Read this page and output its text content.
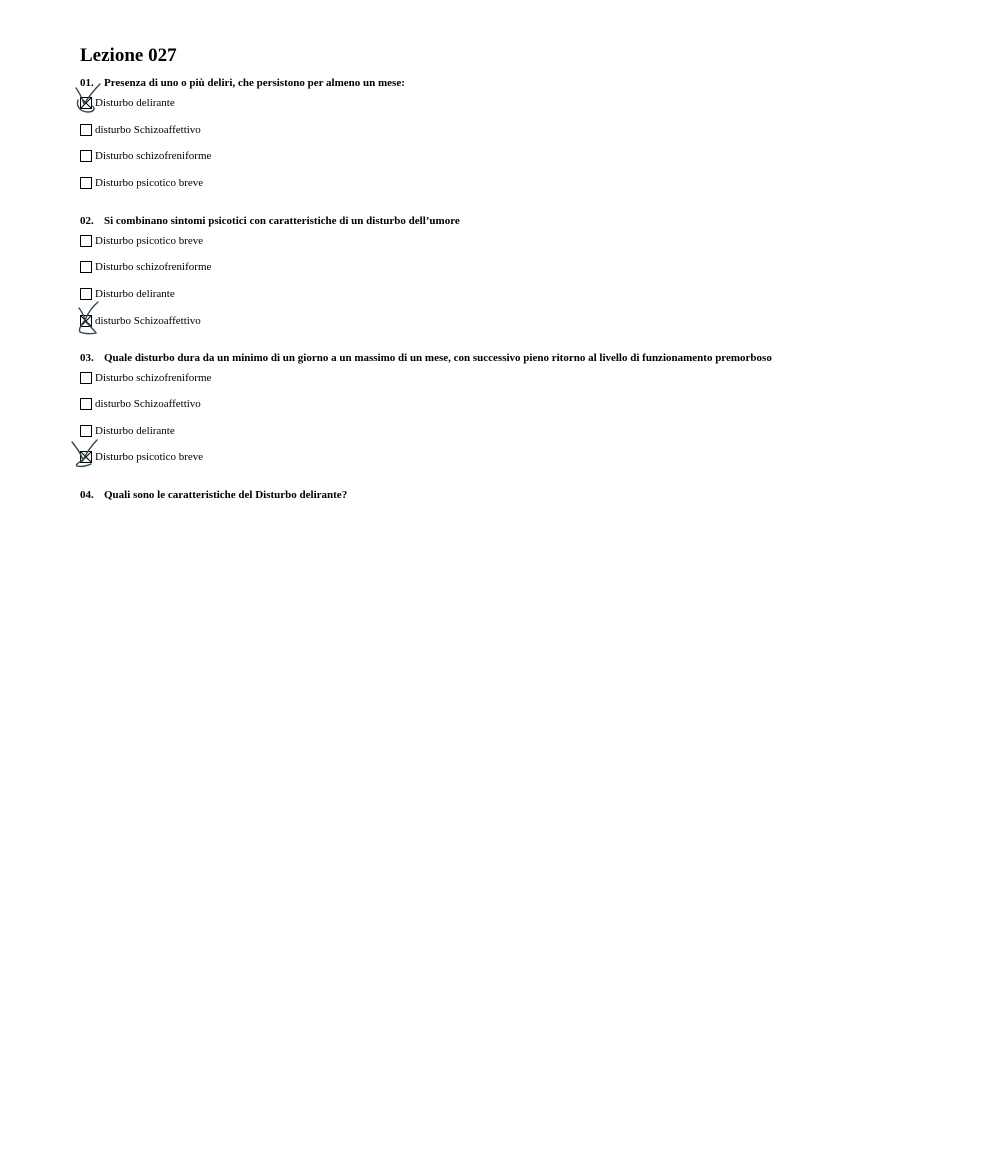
Lezione 027
01. Presenza di uno o più deliri, che persistono per almeno un mese:
Disturbo delirante
disturbo Schizoaffettivo
Disturbo schizofreniforme
Disturbo psicotico breve
02. Si combinano sintomi psicotici con caratteristiche di un disturbo dell’umore
Disturbo psicotico breve
Disturbo schizofreniforme
Disturbo delirante
disturbo Schizoaffettivo
03. Quale disturbo dura da un minimo di un giorno a un massimo di un mese, con successivo pieno ritorno al livello di funzionamento premorboso
Disturbo schizofreniforme
disturbo Schizoaffettivo
Disturbo delirante
Disturbo psicotico breve
04. Quali sono le caratteristiche del Disturbo delirante?
